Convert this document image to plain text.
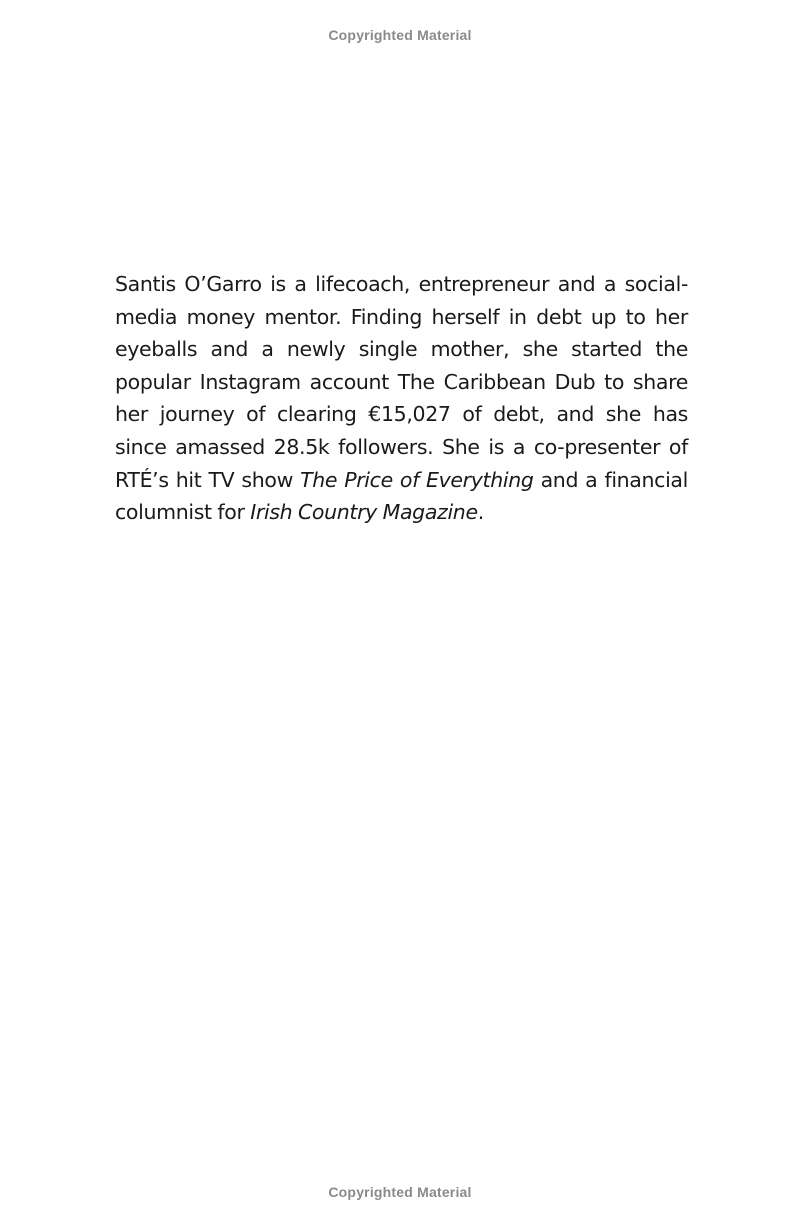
Copyrighted Material

Santis O’Garro is a lifecoach, entrepreneur and a social-media money mentor. Finding herself in debt up to her eyeballs and a newly single mother, she started the popular Instagram account The Caribbean Dub to share her journey of clearing €15,027 of debt, and she has since amassed 28.5k followers. She is a co-presenter of RTÉ’s hit TV show The Price of Everything and a financial columnist for Irish Country Magazine.

Copyrighted Material
